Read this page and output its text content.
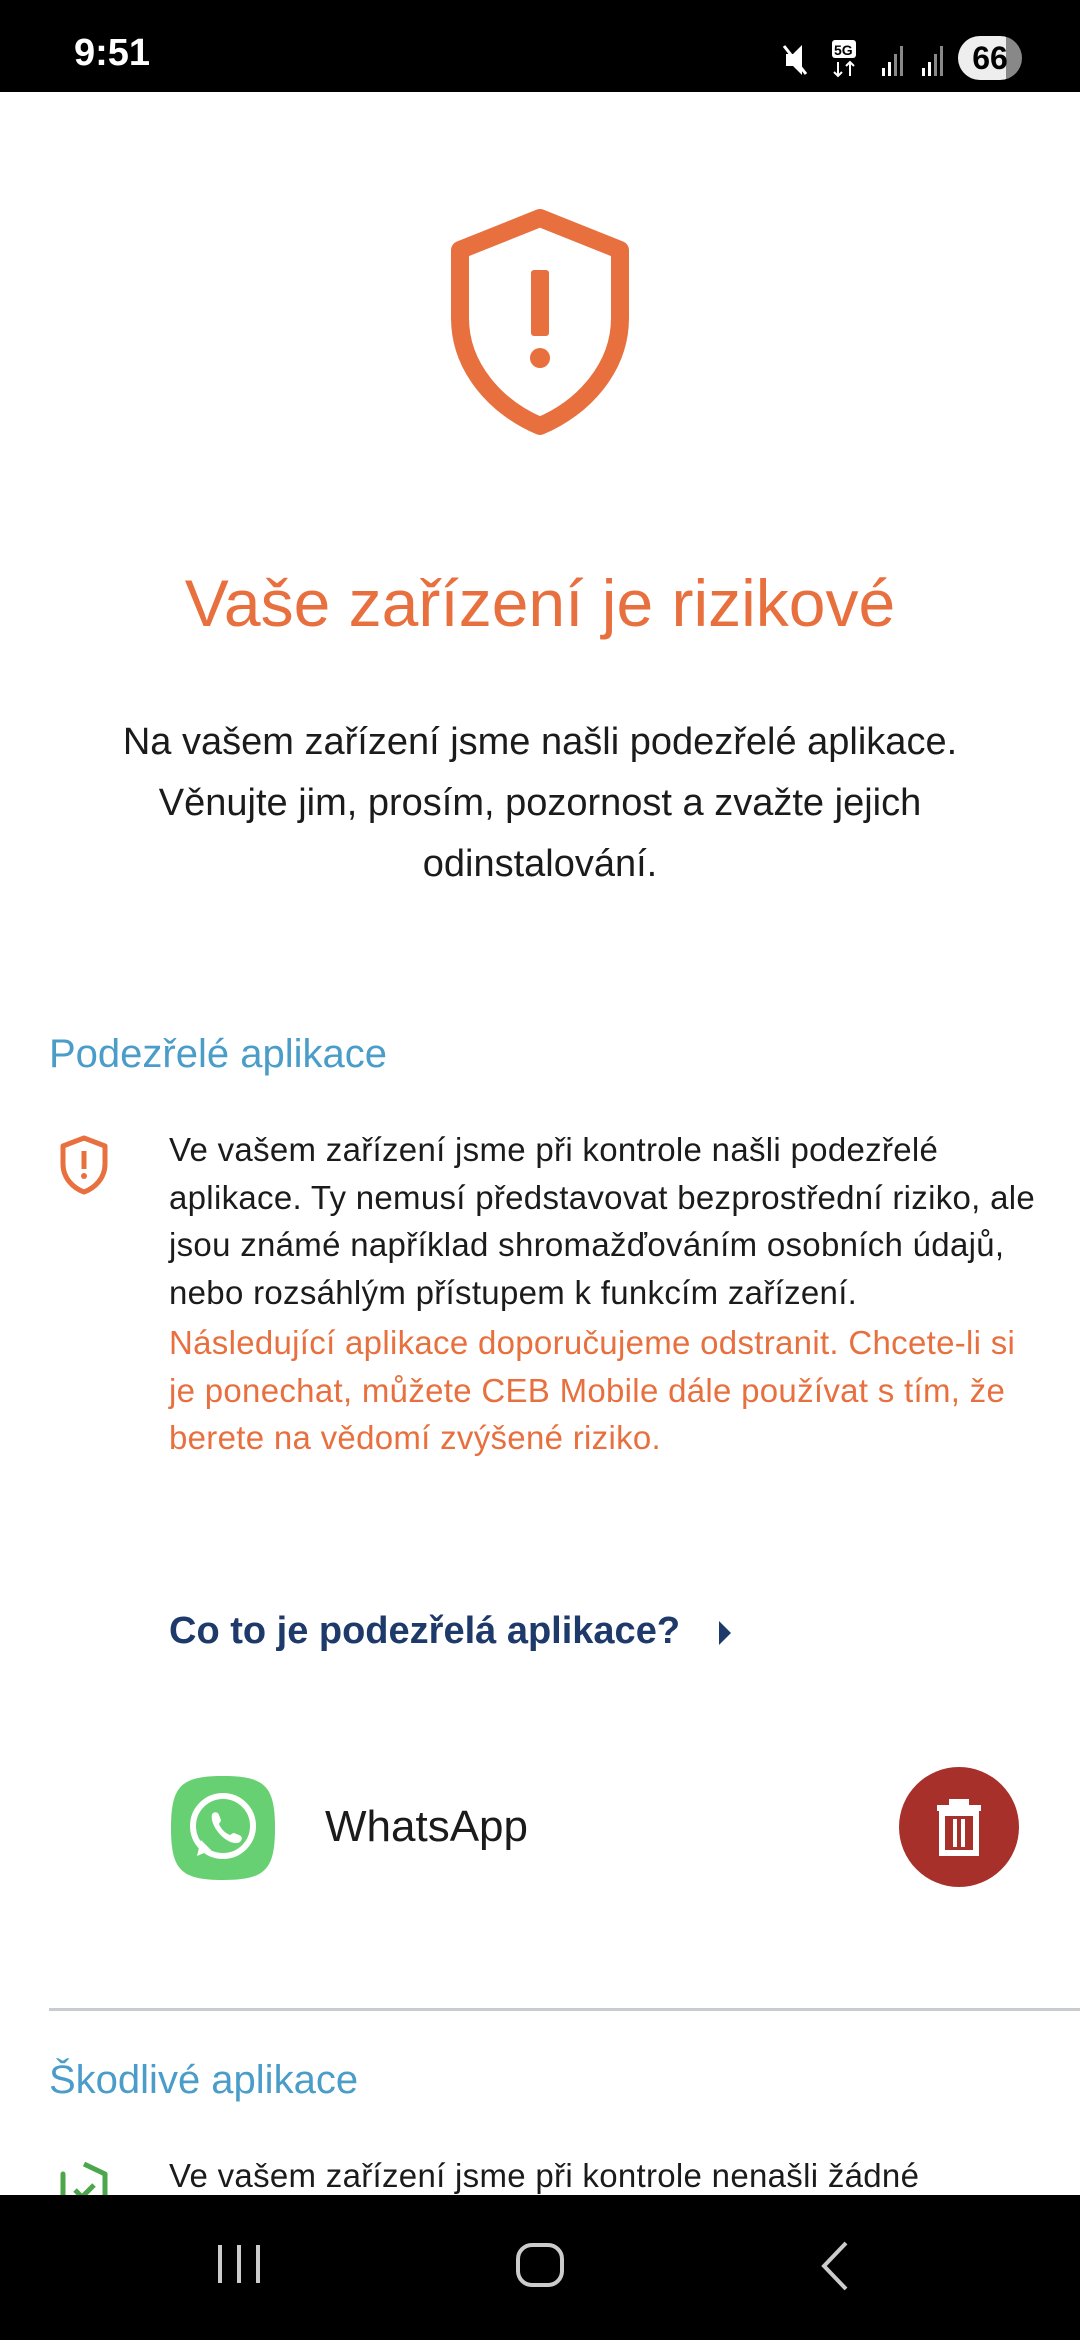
9:51	5G	66
Vaše zařízení je rizikové
Na vašem zařízení jsme našli podezřelé aplikace. Věnujte jim, prosím, pozornost a zvažte jejich odinstalování.
Podezřelé aplikace
Ve vašem zařízení jsme při kontrole našli podezřelé aplikace. Ty nemusí představovat bezprostřední riziko, ale jsou známé například shromažďováním osobních údajů, nebo rozsáhlým přístupem k funkcím zařízení.
Následující aplikace doporučujeme odstranit. Chcete-li si je ponechat, můžete CEB Mobile dále používat s tím, že berete na vědomí zvýšené riziko.
Co to je podezřelá aplikace?
WhatsApp
Škodlivé aplikace
Ve vašem zařízení jsme při kontrole nenašli žádné
